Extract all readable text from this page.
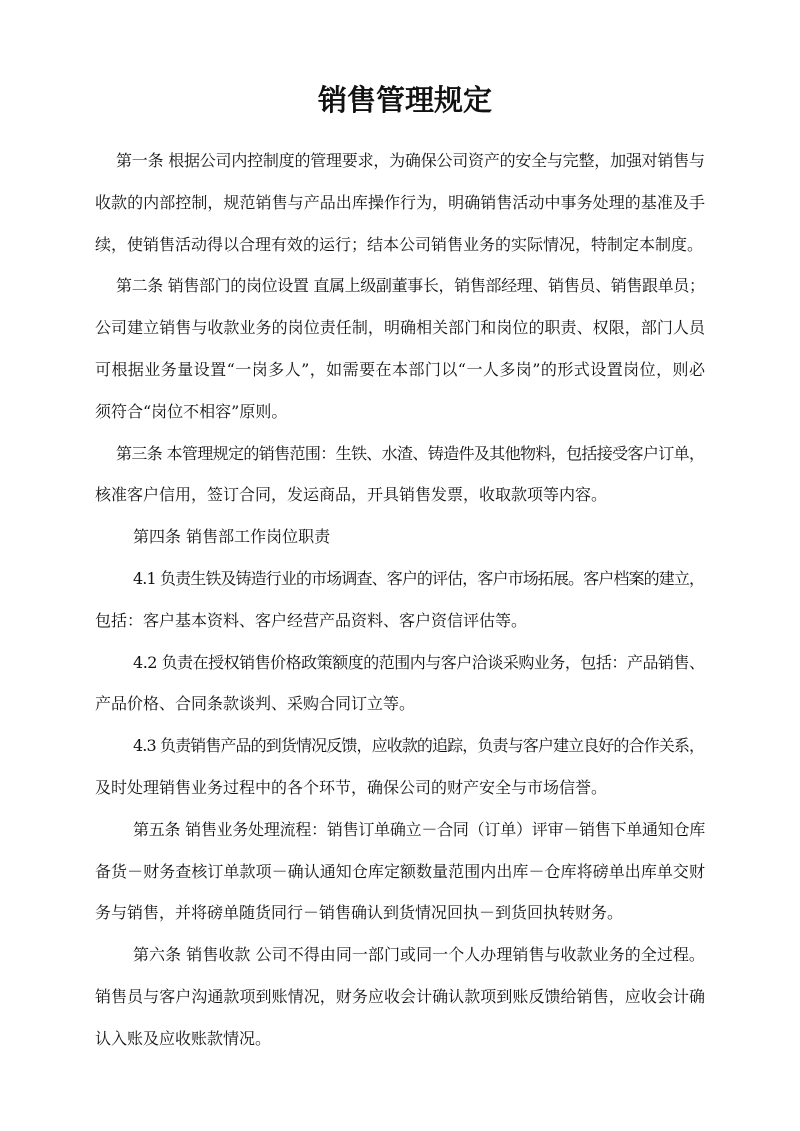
销售管理规定
第一条 根据公司内控制度的管理要求，为确保公司资产的安全与完整，加强对销售与
收款的内部控制，规范销售与产品出库操作行为，明确销售活动中事务处理的基准及手
续，使销售活动得以合理有效的运行；结本公司销售业务的实际情况，特制定本制度。
第二条 销售部门的岗位设置 直属上级副董事长，销售部经理、销售员、销售跟单员；
公司建立销售与收款业务的岗位责任制，明确相关部门和岗位的职责、权限，部门人员
可根据业务量设置“一岗多人”，如需要在本部门以“一人多岗”的形式设置岗位，则必
须符合“岗位不相容”原则。
第三条 本管理规定的销售范围：生铁、水渣、铸造件及其他物料，包括接受客户订单，
核准客户信用，签订合同，发运商品，开具销售发票，收取款项等内容。
第四条 销售部工作岗位职责
4.1 负责生铁及铸造行业的市场调查、客户的评估，客户市场拓展。客户档案的建立，
包括：客户基本资料、客户经营产品资料、客户资信评估等。
4.2 负责在授权销售价格政策额度的范围内与客户洽谈采购业务，包括：产品销售、
产品价格、合同条款谈判、采购合同订立等。
4.3 负责销售产品的到货情况反馈，应收款的追踪，负责与客户建立良好的合作关系，
及时处理销售业务过程中的各个环节，确保公司的财产安全与市场信誉。
第五条 销售业务处理流程：销售订单确立－合同（订单）评审－销售下单通知仓库
备货－财务查核订单款项－确认通知仓库定额数量范围内出库－仓库将磅单出库单交财
务与销售，并将磅单随货同行－销售确认到货情况回执－到货回执转财务。
第六条 销售收款 公司不得由同一部门或同一个人办理销售与收款业务的全过程。
销售员与客户沟通款项到账情况，财务应收会计确认款项到账反馈给销售，应收会计确
认入账及应收账款情况。
